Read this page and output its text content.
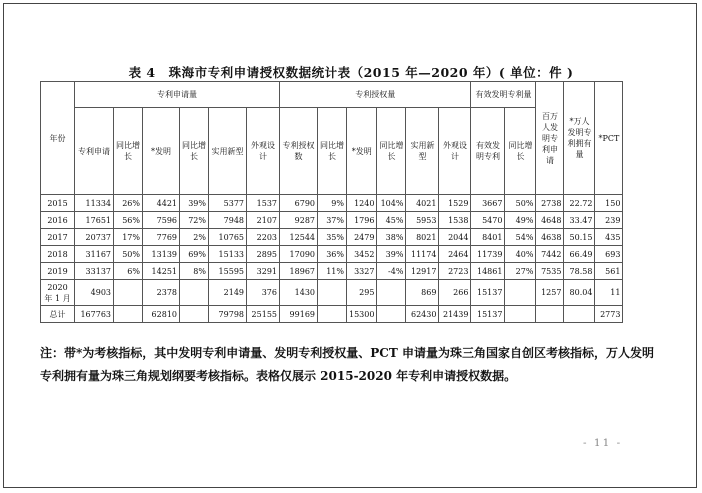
表 4　珠海市专利申请授权数据统计表（2015 年—2020 年）( 单位：件 )
年份	专利申请量						专利授权量						有效发明专利量		百万人发明专利申请	*万人发明专利拥有量	*PCT
	专利申请	同比增长	*发明	同比增长	实用新型	外观设计	专利授权数	同比增长	*发明	同比增长	实用新型	外观设计	有效发明专利	同比增长			
2015	11334	26%	4421	39%	5377	1537	6790	9%	1240	104%	4021	1529	3667	50%	2738	22.72	150
2016	17651	56%	7596	72%	7948	2107	9287	37%	1796	45%	5953	1538	5470	49%	4648	33.47	239
2017	20737	17%	7769	2%	10765	2203	12544	35%	2479	38%	8021	2044	8401	54%	4638	50.15	435
2018	31167	50%	13139	69%	15133	2895	17090	36%	3452	39%	11174	2464	11739	40%	7442	66.49	693
2019	33137	6%	14251	8%	15595	3291	18967	11%	3327	-4%	12917	2723	14861	27%	7535	78.58	561
2020 年 1 月	4903		2378		2149	376	1430		295		869	266	15137		1257	80.04	11
总计	167763		62810		79798	25155	99169		15300		62430	21439	15137				2773
注：带*为考核指标，其中发明专利申请量、发明专利授权量、PCT 申请量为珠三角国家自创区考核指标，万人发明专利拥有量为珠三角规划纲要考核指标。表格仅展示 2015-2020 年专利申请授权数据。
- 11 -
